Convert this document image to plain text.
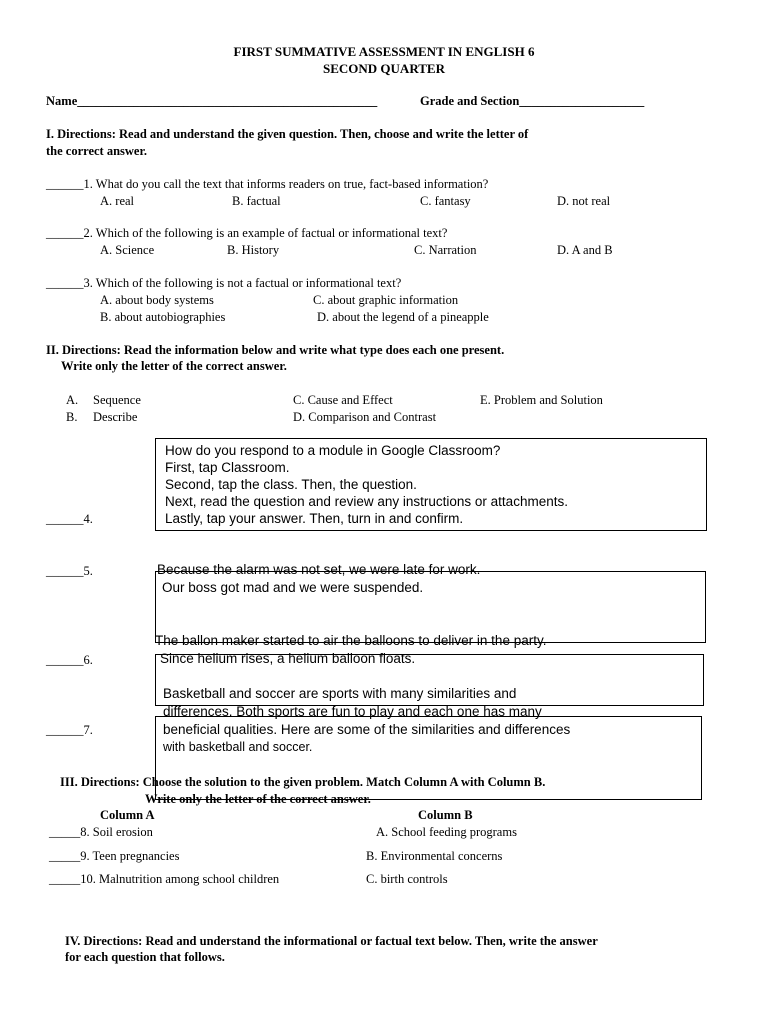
FIRST SUMMATIVE ASSESSMENT IN ENGLISH 6
SECOND QUARTER
Name________________________________________________	Grade and Section____________________
I. Directions: Read and understand the given question. Then, choose and write the letter of
the correct answer.
______1. What do you call the text that informs readers on true, fact-based information?
A. real	B. factual	C. fantasy	D. not real
______2. Which of the following is an example of factual or informational text?
A. Science	B. History	C. Narration	D. A and B
______3. Which of the following is not a factual or informational text?
A. about body systems	C. about graphic information
B. about autobiographies	D. about the legend of a pineapple
II. Directions: Read the information below and write what type does each one present.
Write only the letter of the correct answer.
A. Sequence
B. Describe
C. Cause and Effect
D. Comparison and Contrast
E. Problem and Solution
How do you respond to a module in Google Classroom?
First, tap Classroom.
Second, tap the class. Then, the question.
Next, read the question and review any instructions or attachments.
Lastly, tap your answer. Then, turn in and confirm.
______4.
Because the alarm was not set, we were late for work.
Our boss got mad and we were suspended.
______5.
The ballon maker started to air the balloons to deliver in the party.
Since helium rises, a helium balloon floats.
______6.
Basketball and soccer are sports with many similarities and
differences. Both sports are fun to play and each one has many
beneficial qualities. Here are some of the similarities and differences
with basketball and soccer.
______7.
III. Directions: Choose the solution to the given problem. Match Column A with Column B.
Write only the letter of the correct answer.
Column A	Column B
_____8. Soil erosion	A. School feeding programs
_____9. Teen pregnancies	B. Environmental concerns
_____10. Malnutrition among school children	C. birth controls
IV. Directions: Read and understand the informational or factual text below. Then, write the answer
for each question that follows.
